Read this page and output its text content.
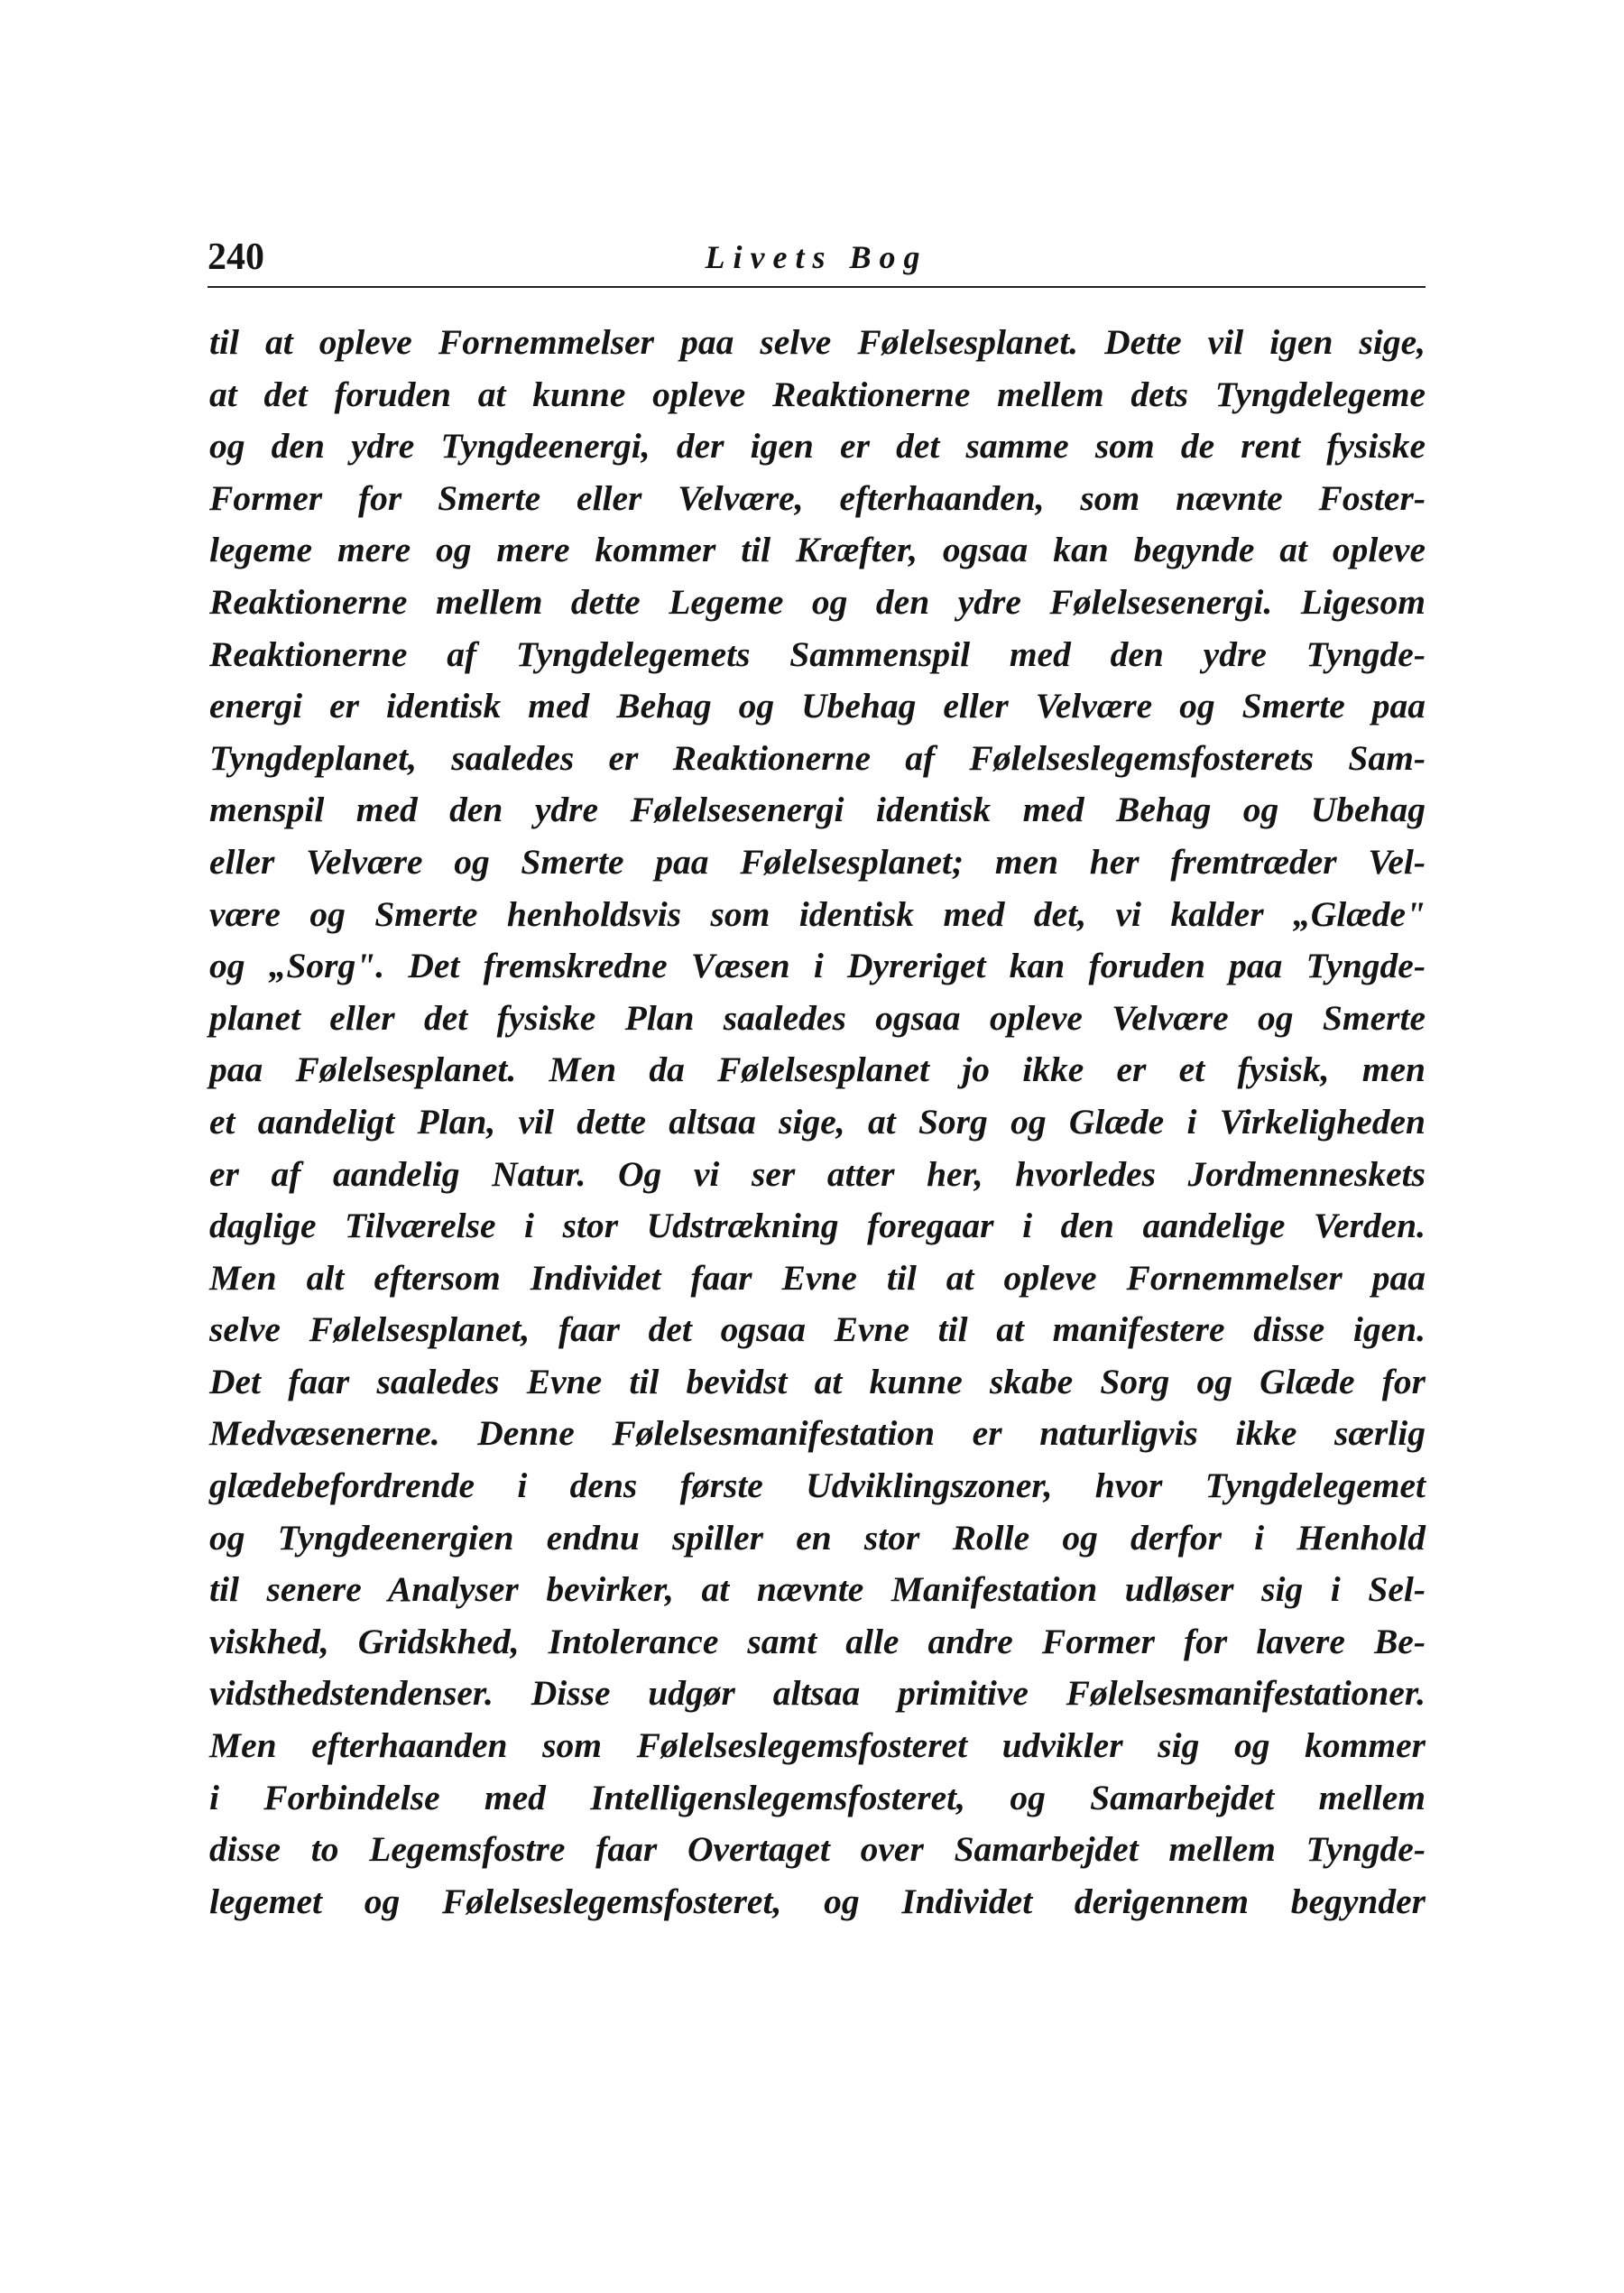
240	Livets Bog
til at opleve Fornemmelser paa selve Følelsesplanet. Dette vil igen sige,
at det foruden at kunne opleve Reaktionerne mellem dets Tyngdelegeme
og den ydre Tyngdeenergi, der igen er det samme som de rent fysiske
Former for Smerte eller Velvære, efterhaanden, som nævnte Foster-
legeme mere og mere kommer til Kræfter, ogsaa kan begynde at opleve
Reaktionerne mellem dette Legeme og den ydre Følelsesenergi. Ligesom
Reaktionerne af Tyngdelegemets Sammenspil med den ydre Tyngde-
energi er identisk med Behag og Ubehag eller Velvære og Smerte paa
Tyngdeplanet, saaledes er Reaktionerne af Følelseslegemsfosterets Sam-
menspil med den ydre Følelsesenergi identisk med Behag og Ubehag
eller Velvære og Smerte paa Følelsesplanet; men her fremtræder Vel-
være og Smerte henholdsvis som identisk med det, vi kalder „Glæde"
og „Sorg". Det fremskredne Væsen i Dyreriget kan foruden paa Tyngde-
planet eller det fysiske Plan saaledes ogsaa opleve Velvære og Smerte
paa Følelsesplanet. Men da Følelsesplanet jo ikke er et fysisk, men
et aandeligt Plan, vil dette altsaa sige, at Sorg og Glæde i Virkeligheden
er af aandelig Natur. Og vi ser atter her, hvorledes Jordmenneskets
daglige Tilværelse i stor Udstrækning foregaar i den aandelige Verden.
Men alt eftersom Individet faar Evne til at opleve Fornemmelser paa
selve Følelsesplanet, faar det ogsaa Evne til at manifestere disse igen.
Det faar saaledes Evne til bevidst at kunne skabe Sorg og Glæde for
Medvæsenerne. Denne Følelsesmanifestation er naturligvis ikke særlig
glædebefordrende i dens første Udviklingszoner, hvor Tyngdelegemet
og Tyngdeenergien endnu spiller en stor Rolle og derfor i Henhold
til senere Analyser bevirker, at nævnte Manifestation udløser sig i Sel-
viskhed, Gridskhed, Intolerance samt alle andre Former for lavere Be-
vidsthedstendenser. Disse udgør altsaa primitive Følelsesmanifestationer.
Men efterhaanden som Følelseslegemsfosteret udvikler sig og kommer
i Forbindelse med Intelligenslegemsfosteret, og Samarbejdet mellem
disse to Legemsfostre faar Overtaget over Samarbejdet mellem Tyngde-
legemet og Følelseslegemsfosteret, og Individet derigennem begynder
